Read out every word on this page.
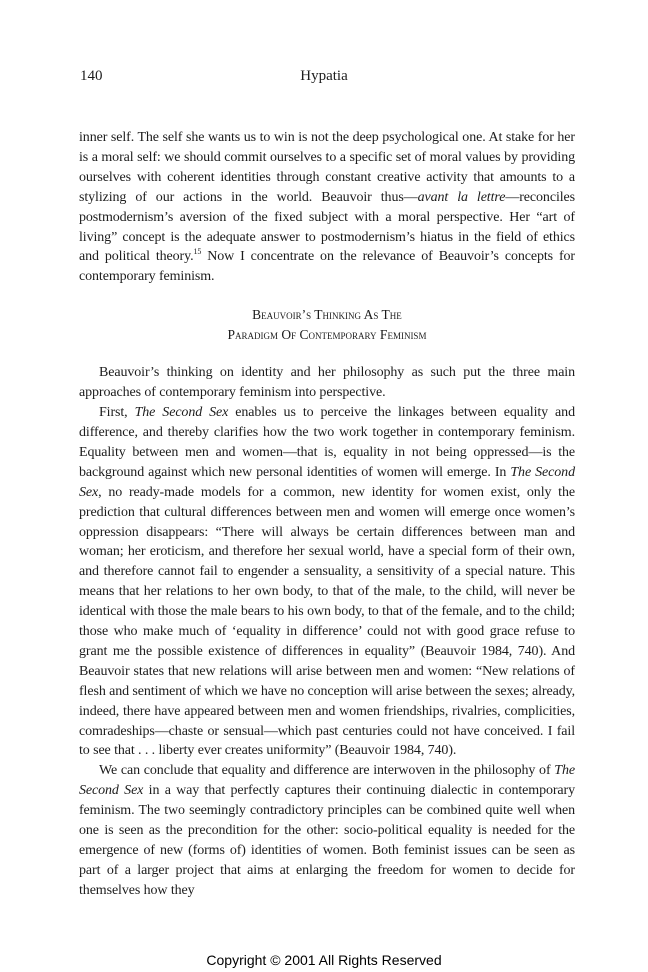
140	Hypatia

inner self. The self she wants us to win is not the deep psychological one. At stake for her is a moral self: we should commit ourselves to a specific set of moral values by providing ourselves with coherent identities through constant creative activity that amounts to a stylizing of our actions in the world. Beauvoir thus—avant la lettre—reconciles postmodernism’s aversion of the fixed subject with a moral perspective. Her “art of living” concept is the adequate answer to postmodernism’s hiatus in the field of ethics and political theory.$^{15}$ Now I concentrate on the relevance of Beauvoir’s concepts for contemporary feminism.

Beauvoir’s Thinking As The
Paradigm Of Contemporary Feminism

Beauvoir’s thinking on identity and her philosophy as such put the three main approaches of contemporary feminism into perspective.

First, The Second Sex enables us to perceive the linkages between equality and difference, and thereby clarifies how the two work together in contemporary feminism. Equality between men and women—that is, equality in not being oppressed—is the background against which new personal identities of women will emerge. In The Second Sex, no ready-made models for a common, new identity for women exist, only the prediction that cultural differences between men and women will emerge once women’s oppression disappears: “There will always be certain differences between man and woman; her eroticism, and therefore her sexual world, have a special form of their own, and therefore cannot fail to engender a sensuality, a sensitivity of a special nature. This means that her relations to her own body, to that of the male, to the child, will never be identical with those the male bears to his own body, to that of the female, and to the child; those who make much of ‘equality in difference’ could not with good grace refuse to grant me the possible existence of differences in equality” (Beauvoir 1984, 740). And Beauvoir states that new relations will arise between men and women: “New relations of flesh and sentiment of which we have no conception will arise between the sexes; already, indeed, there have appeared between men and women friendships, rivalries, complicities, comradeships—chaste or sensual—which past centuries could not have conceived. I fail to see that . . . liberty ever creates uniformity” (Beauvoir 1984, 740).

We can conclude that equality and difference are interwoven in the philosophy of The Second Sex in a way that perfectly captures their continuing dialectic in contemporary feminism. The two seemingly contradictory principles can be combined quite well when one is seen as the precondition for the other: socio-political equality is needed for the emergence of new (forms of) identities of women. Both feminist issues can be seen as part of a larger project that aims at enlarging the freedom for women to decide for themselves how they

Copyright © 2001 All Rights Reserved
